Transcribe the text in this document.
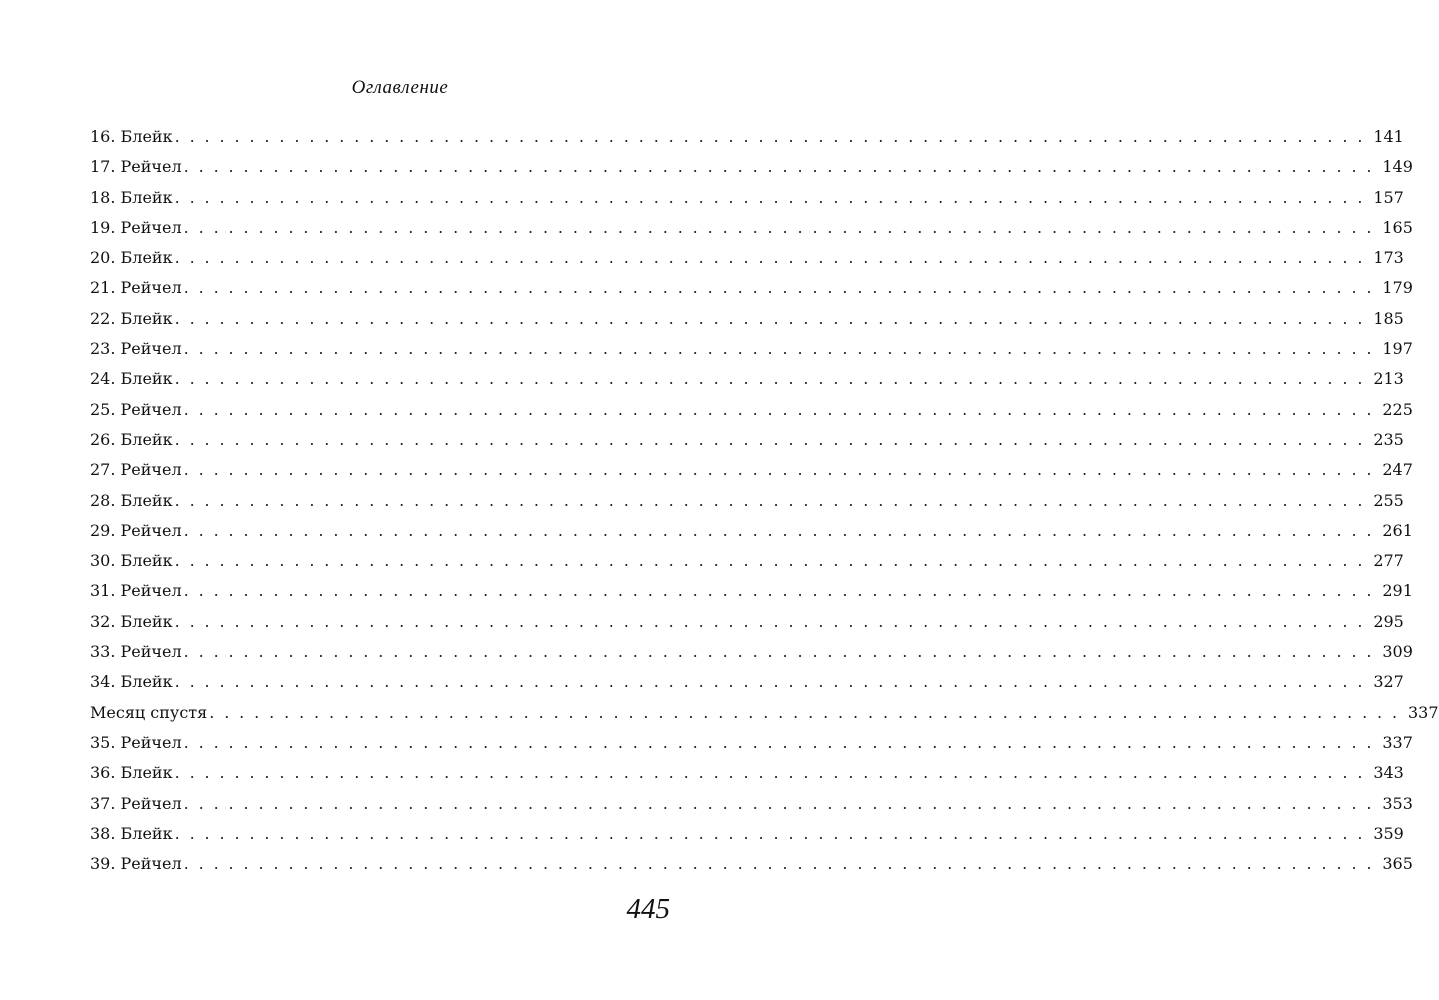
Оглавление
16. Блейк . . . . . . . . . . . . . . . . . . . . . . . . . . . . . . . . . . . . . . . . . . . . . . . . . . . . . . . . . . . . . . . . . . . . . . . . . . . . . . . . 141
17. Рейчел . . . . . . . . . . . . . . . . . . . . . . . . . . . . . . . . . . . . . . . . . . . . . . . . . . . . . . . . . . . . . . . . . . . . . . . . . . . . . . . . 149
18. Блейк . . . . . . . . . . . . . . . . . . . . . . . . . . . . . . . . . . . . . . . . . . . . . . . . . . . . . . . . . . . . . . . . . . . . . . . . . . . . . . . . 157
19. Рейчел . . . . . . . . . . . . . . . . . . . . . . . . . . . . . . . . . . . . . . . . . . . . . . . . . . . . . . . . . . . . . . . . . . . . . . . . . . . . . . . . 165
20. Блейк . . . . . . . . . . . . . . . . . . . . . . . . . . . . . . . . . . . . . . . . . . . . . . . . . . . . . . . . . . . . . . . . . . . . . . . . . . . . . . . . 173
21. Рейчел . . . . . . . . . . . . . . . . . . . . . . . . . . . . . . . . . . . . . . . . . . . . . . . . . . . . . . . . . . . . . . . . . . . . . . . . . . . . . . . . 179
22. Блейк . . . . . . . . . . . . . . . . . . . . . . . . . . . . . . . . . . . . . . . . . . . . . . . . . . . . . . . . . . . . . . . . . . . . . . . . . . . . . . . . 185
23. Рейчел . . . . . . . . . . . . . . . . . . . . . . . . . . . . . . . . . . . . . . . . . . . . . . . . . . . . . . . . . . . . . . . . . . . . . . . . . . . . . . . . 197
24. Блейк . . . . . . . . . . . . . . . . . . . . . . . . . . . . . . . . . . . . . . . . . . . . . . . . . . . . . . . . . . . . . . . . . . . . . . . . . . . . . . . . 213
25. Рейчел . . . . . . . . . . . . . . . . . . . . . . . . . . . . . . . . . . . . . . . . . . . . . . . . . . . . . . . . . . . . . . . . . . . . . . . . . . . . . . . . 225
26. Блейк . . . . . . . . . . . . . . . . . . . . . . . . . . . . . . . . . . . . . . . . . . . . . . . . . . . . . . . . . . . . . . . . . . . . . . . . . . . . . . . . 235
27. Рейчел . . . . . . . . . . . . . . . . . . . . . . . . . . . . . . . . . . . . . . . . . . . . . . . . . . . . . . . . . . . . . . . . . . . . . . . . . . . . . . . . 247
28. Блейк . . . . . . . . . . . . . . . . . . . . . . . . . . . . . . . . . . . . . . . . . . . . . . . . . . . . . . . . . . . . . . . . . . . . . . . . . . . . . . . . 255
29. Рейчел . . . . . . . . . . . . . . . . . . . . . . . . . . . . . . . . . . . . . . . . . . . . . . . . . . . . . . . . . . . . . . . . . . . . . . . . . . . . . . . . 261
30. Блейк . . . . . . . . . . . . . . . . . . . . . . . . . . . . . . . . . . . . . . . . . . . . . . . . . . . . . . . . . . . . . . . . . . . . . . . . . . . . . . . . 277
31. Рейчел . . . . . . . . . . . . . . . . . . . . . . . . . . . . . . . . . . . . . . . . . . . . . . . . . . . . . . . . . . . . . . . . . . . . . . . . . . . . . . . . 291
32. Блейк . . . . . . . . . . . . . . . . . . . . . . . . . . . . . . . . . . . . . . . . . . . . . . . . . . . . . . . . . . . . . . . . . . . . . . . . . . . . . . . . 295
33. Рейчел . . . . . . . . . . . . . . . . . . . . . . . . . . . . . . . . . . . . . . . . . . . . . . . . . . . . . . . . . . . . . . . . . . . . . . . . . . . . . . . . 309
34. Блейк . . . . . . . . . . . . . . . . . . . . . . . . . . . . . . . . . . . . . . . . . . . . . . . . . . . . . . . . . . . . . . . . . . . . . . . . . . . . . . . . 327
Месяц спустя . . . . . . . . . . . . . . . . . . . . . . . . . . . . . . . . . . . . . . . . . . . . . . . . . . . . . . . . . . . . . . . . . . . . . . . . . . . . . . . . 337
35. Рейчел . . . . . . . . . . . . . . . . . . . . . . . . . . . . . . . . . . . . . . . . . . . . . . . . . . . . . . . . . . . . . . . . . . . . . . . . . . . . . . . . 337
36. Блейк . . . . . . . . . . . . . . . . . . . . . . . . . . . . . . . . . . . . . . . . . . . . . . . . . . . . . . . . . . . . . . . . . . . . . . . . . . . . . . . . 343
37. Рейчел . . . . . . . . . . . . . . . . . . . . . . . . . . . . . . . . . . . . . . . . . . . . . . . . . . . . . . . . . . . . . . . . . . . . . . . . . . . . . . . . 353
38. Блейк . . . . . . . . . . . . . . . . . . . . . . . . . . . . . . . . . . . . . . . . . . . . . . . . . . . . . . . . . . . . . . . . . . . . . . . . . . . . . . . . 359
39. Рейчел . . . . . . . . . . . . . . . . . . . . . . . . . . . . . . . . . . . . . . . . . . . . . . . . . . . . . . . . . . . . . . . . . . . . . . . . . . . . . . . . 365
445
